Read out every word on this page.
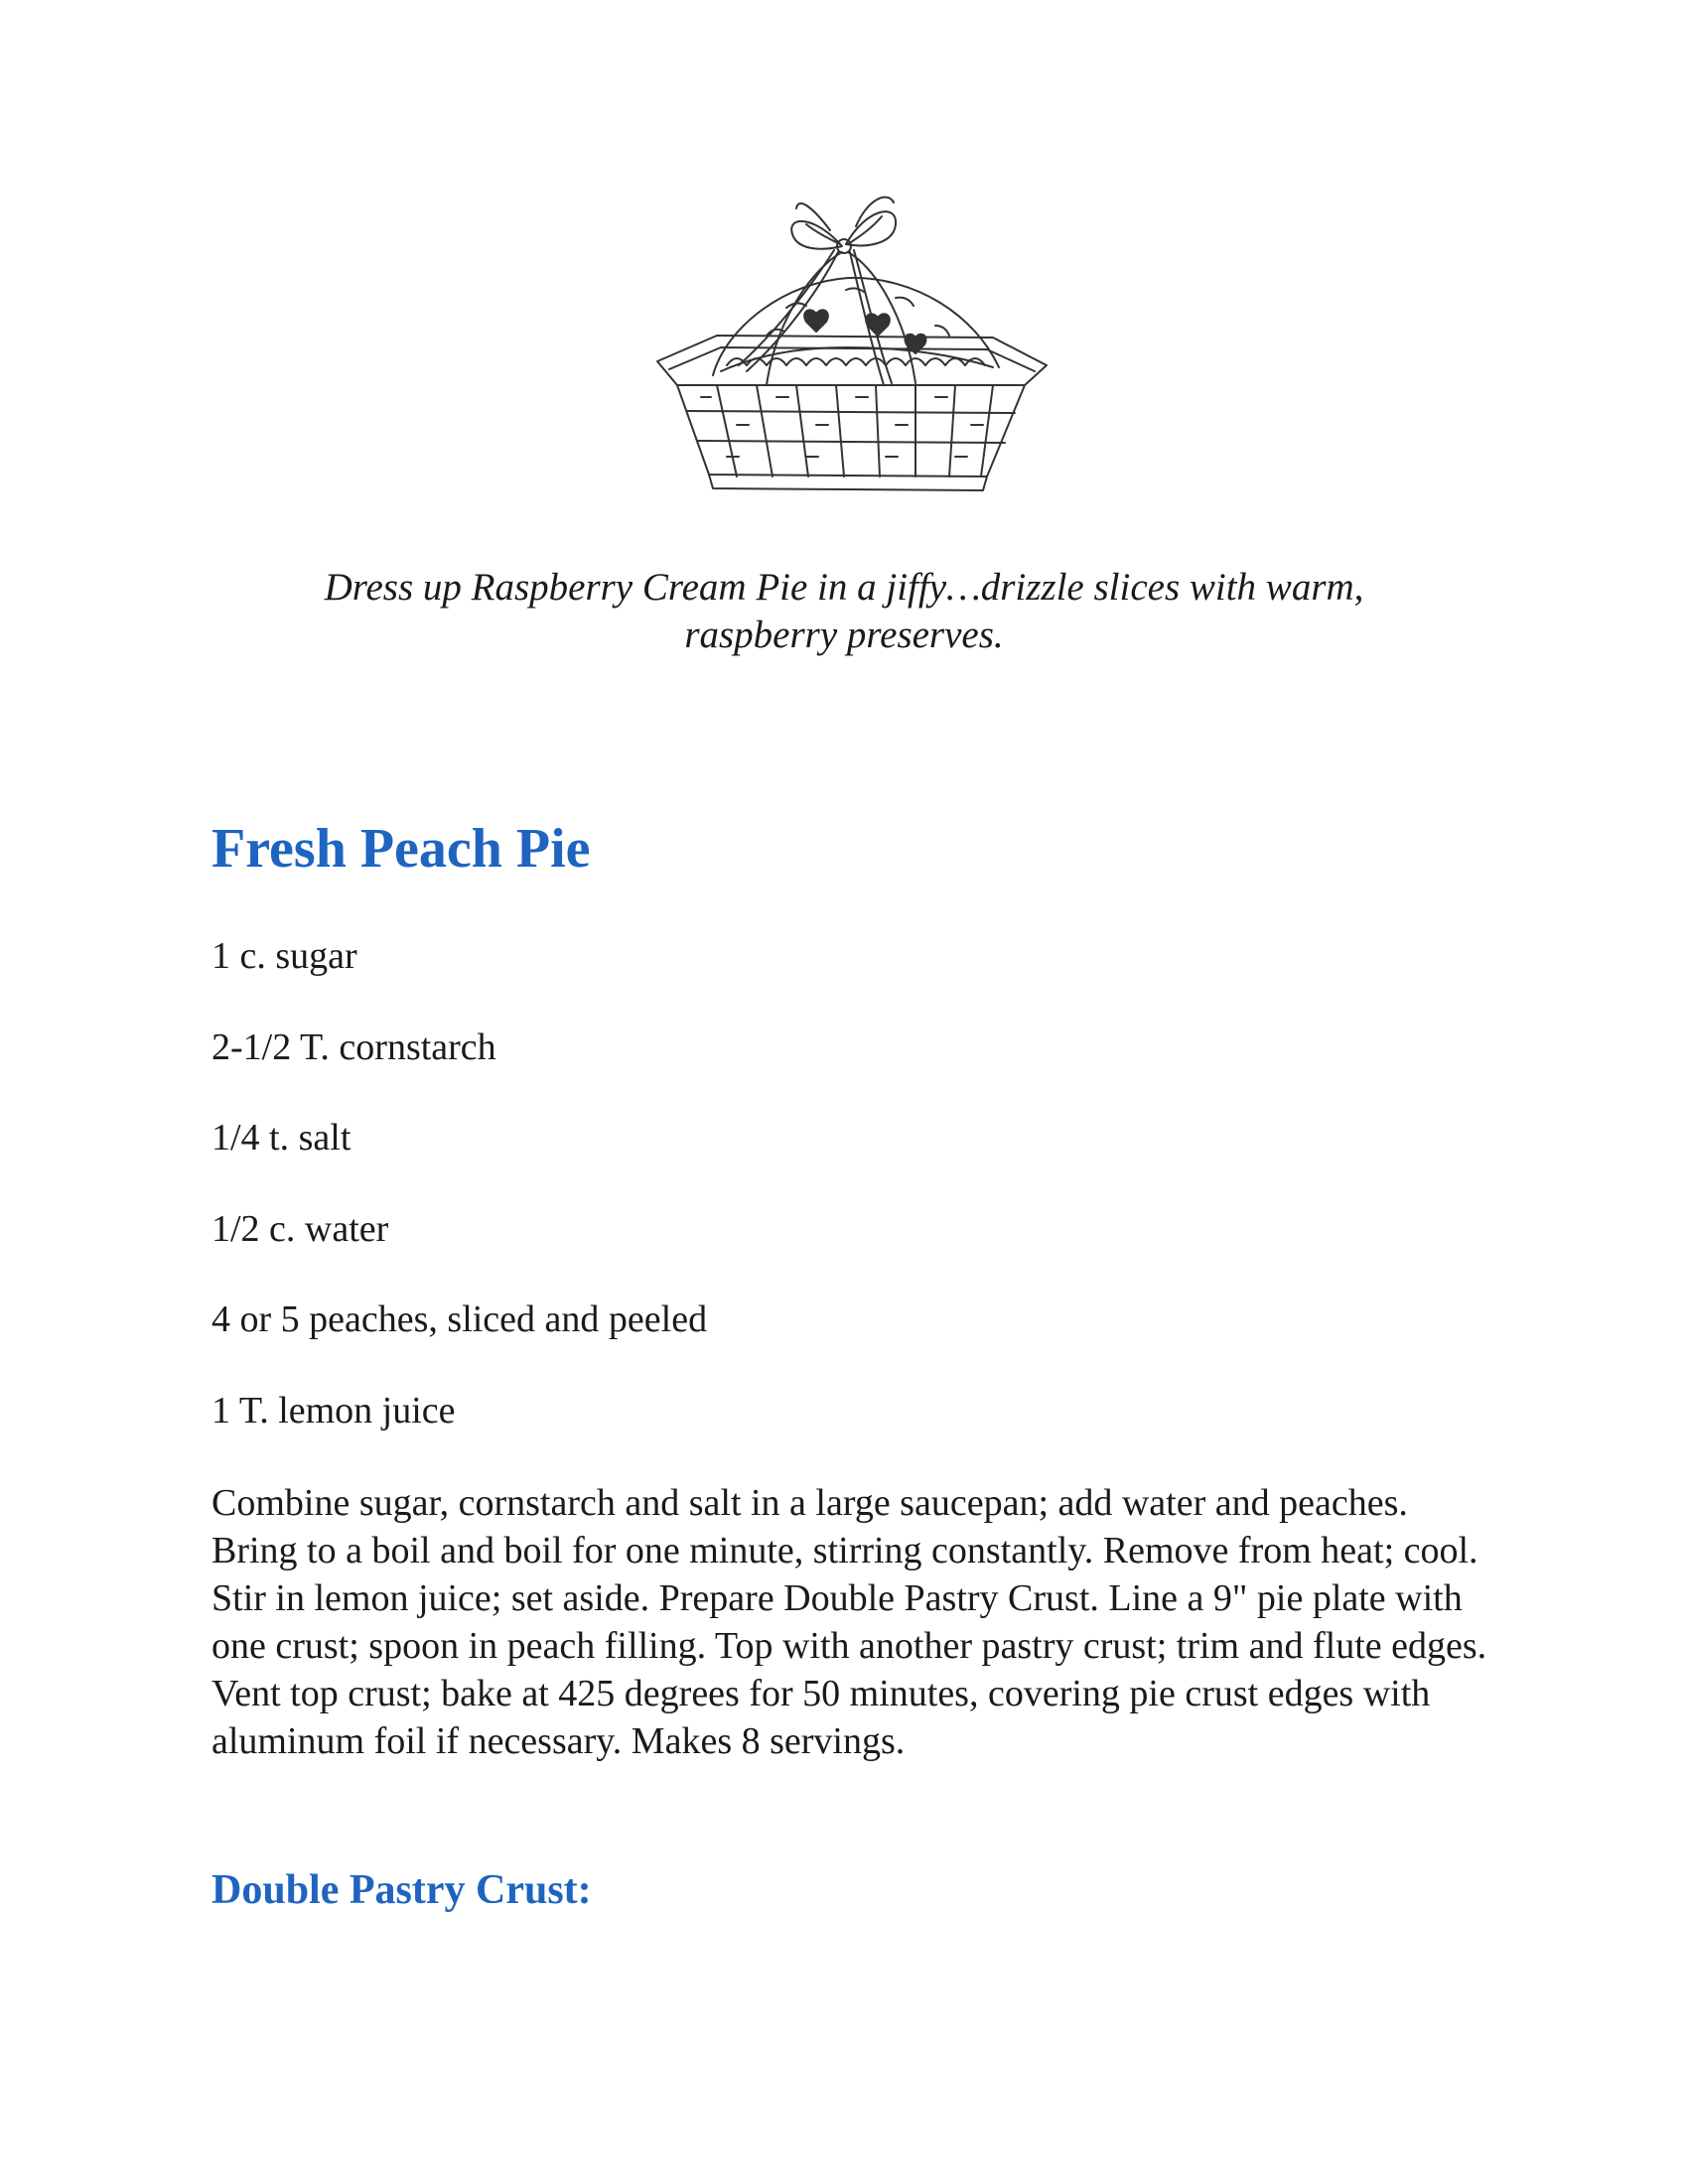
Dress up Raspberry Cream Pie in a jiffy…drizzle slices with warm,
raspberry preserves.
Fresh Peach Pie
1 c. sugar
2-1/2 T. cornstarch
1/4 t. salt
1/2 c. water
4 or 5 peaches, sliced and peeled
1 T. lemon juice

Combine sugar, cornstarch and salt in a large saucepan; add water and peaches. Bring to a boil and boil for one minute, stirring constantly. Remove from heat; cool. Stir in lemon juice; set aside. Prepare Double Pastry Crust. Line a 9" pie plate with one crust; spoon in peach filling. Top with another pastry crust; trim and flute edges. Vent top crust; bake at 425 degrees for 50 minutes, covering pie crust edges with aluminum foil if necessary. Makes 8 servings.

Double Pastry Crust:
